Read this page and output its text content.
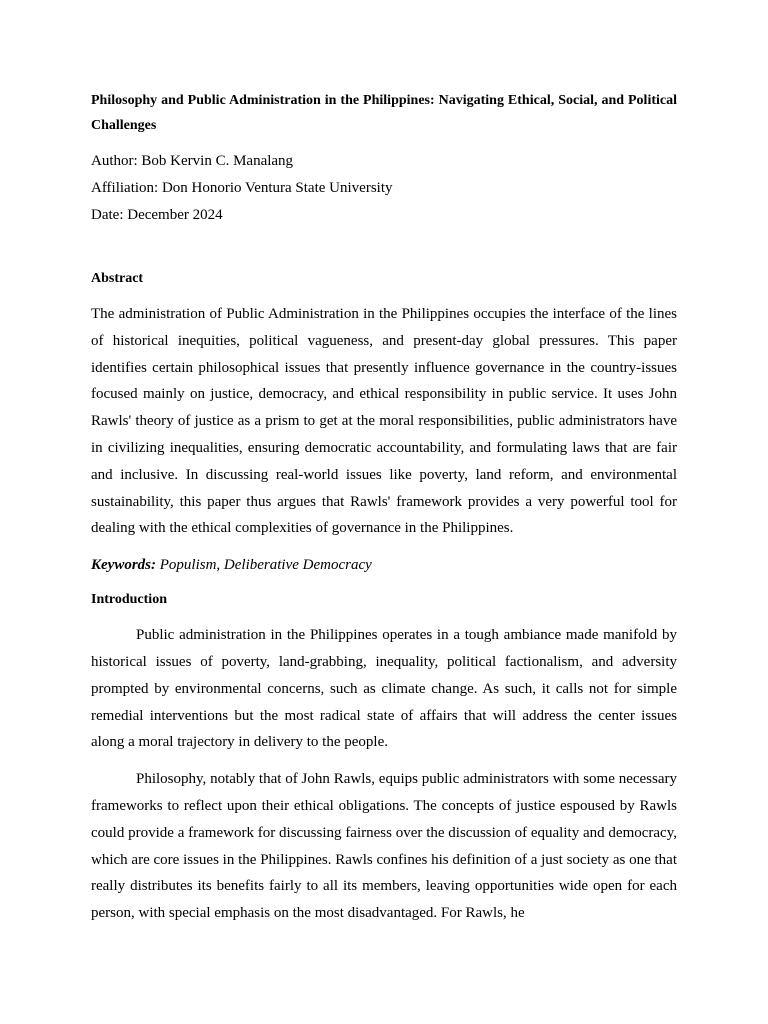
Philosophy and Public Administration in the Philippines: Navigating Ethical, Social, and Political Challenges

Author: Bob Kervin C. Manalang

Affiliation: Don Honorio Ventura State University

Date: December 2024

Abstract

The administration of Public Administration in the Philippines occupies the interface of the lines of historical inequities, political vagueness, and present-day global pressures. This paper identifies certain philosophical issues that presently influence governance in the country-issues focused mainly on justice, democracy, and ethical responsibility in public service. It uses John Rawls' theory of justice as a prism to get at the moral responsibilities, public administrators have in civilizing inequalities, ensuring democratic accountability, and formulating laws that are fair and inclusive. In discussing real-world issues like poverty, land reform, and environmental sustainability, this paper thus argues that Rawls' framework provides a very powerful tool for dealing with the ethical complexities of governance in the Philippines.

Keywords: Populism, Deliberative Democracy

Introduction

Public administration in the Philippines operates in a tough ambiance made manifold by historical issues of poverty, land-grabbing, inequality, political factionalism, and adversity prompted by environmental concerns, such as climate change. As such, it calls not for simple remedial interventions but the most radical state of affairs that will address the center issues along a moral trajectory in delivery to the people.

Philosophy, notably that of John Rawls, equips public administrators with some necessary frameworks to reflect upon their ethical obligations. The concepts of justice espoused by Rawls could provide a framework for discussing fairness over the discussion of equality and democracy, which are core issues in the Philippines. Rawls confines his definition of a just society as one that really distributes its benefits fairly to all its members, leaving opportunities wide open for each person, with special emphasis on the most disadvantaged. For Rawls, he
